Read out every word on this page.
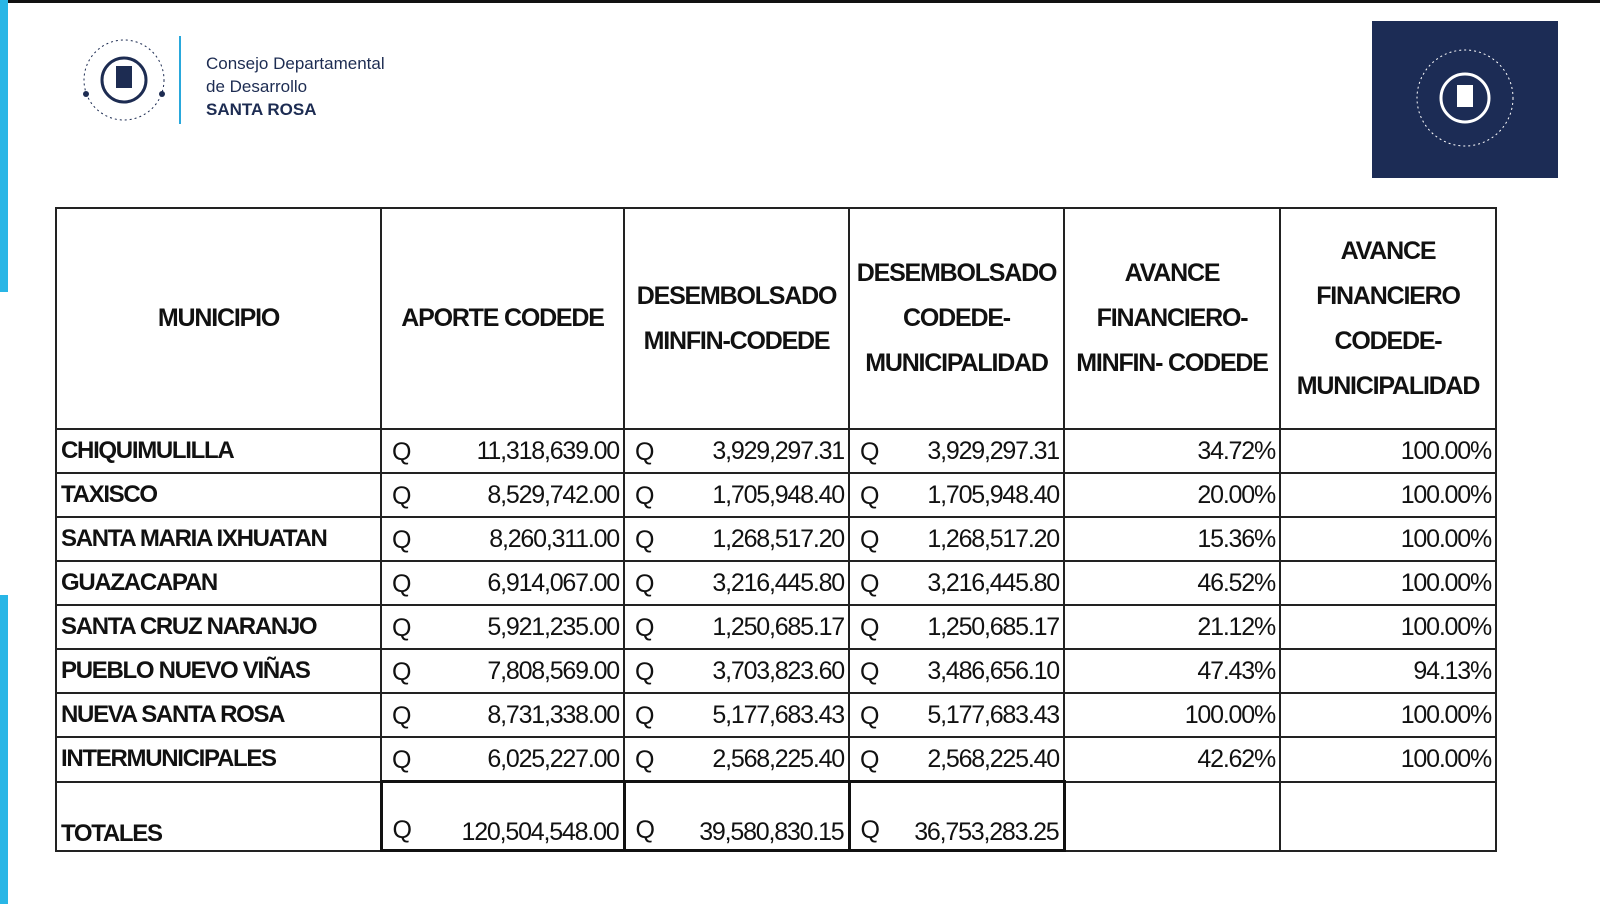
Consejo Departamental
de Desarrollo
SANTA ROSA
MUNICIPIO	APORTE CODEDE	DESEMBOLSADO MINFIN-CODEDE	DESEMBOLSADO CODEDE-MUNICIPALIDAD	AVANCE FINANCIERO-MINFIN- CODEDE	AVANCE FINANCIERO CODEDE-MUNICIPALIDAD
CHIQUIMULILLA	Q 11,318,639.00	Q 3,929,297.31	Q 3,929,297.31	34.72%	100.00%
TAXISCO	Q 8,529,742.00	Q 1,705,948.40	Q 1,705,948.40	20.00%	100.00%
SANTA MARIA IXHUATAN	Q 8,260,311.00	Q 1,268,517.20	Q 1,268,517.20	15.36%	100.00%
GUAZACAPAN	Q 6,914,067.00	Q 3,216,445.80	Q 3,216,445.80	46.52%	100.00%
SANTA CRUZ NARANJO	Q 5,921,235.00	Q 1,250,685.17	Q 1,250,685.17	21.12%	100.00%
PUEBLO NUEVO VIÑAS	Q 7,808,569.00	Q 3,703,823.60	Q 3,486,656.10	47.43%	94.13%
NUEVA SANTA ROSA	Q 8,731,338.00	Q 5,177,683.43	Q 5,177,683.43	100.00%	100.00%
INTERMUNICIPALES	Q 6,025,227.00	Q 2,568,225.40	Q 2,568,225.40	42.62%	100.00%
TOTALES	Q 120,504,548.00	Q 39,580,830.15	Q 36,753,283.25		
